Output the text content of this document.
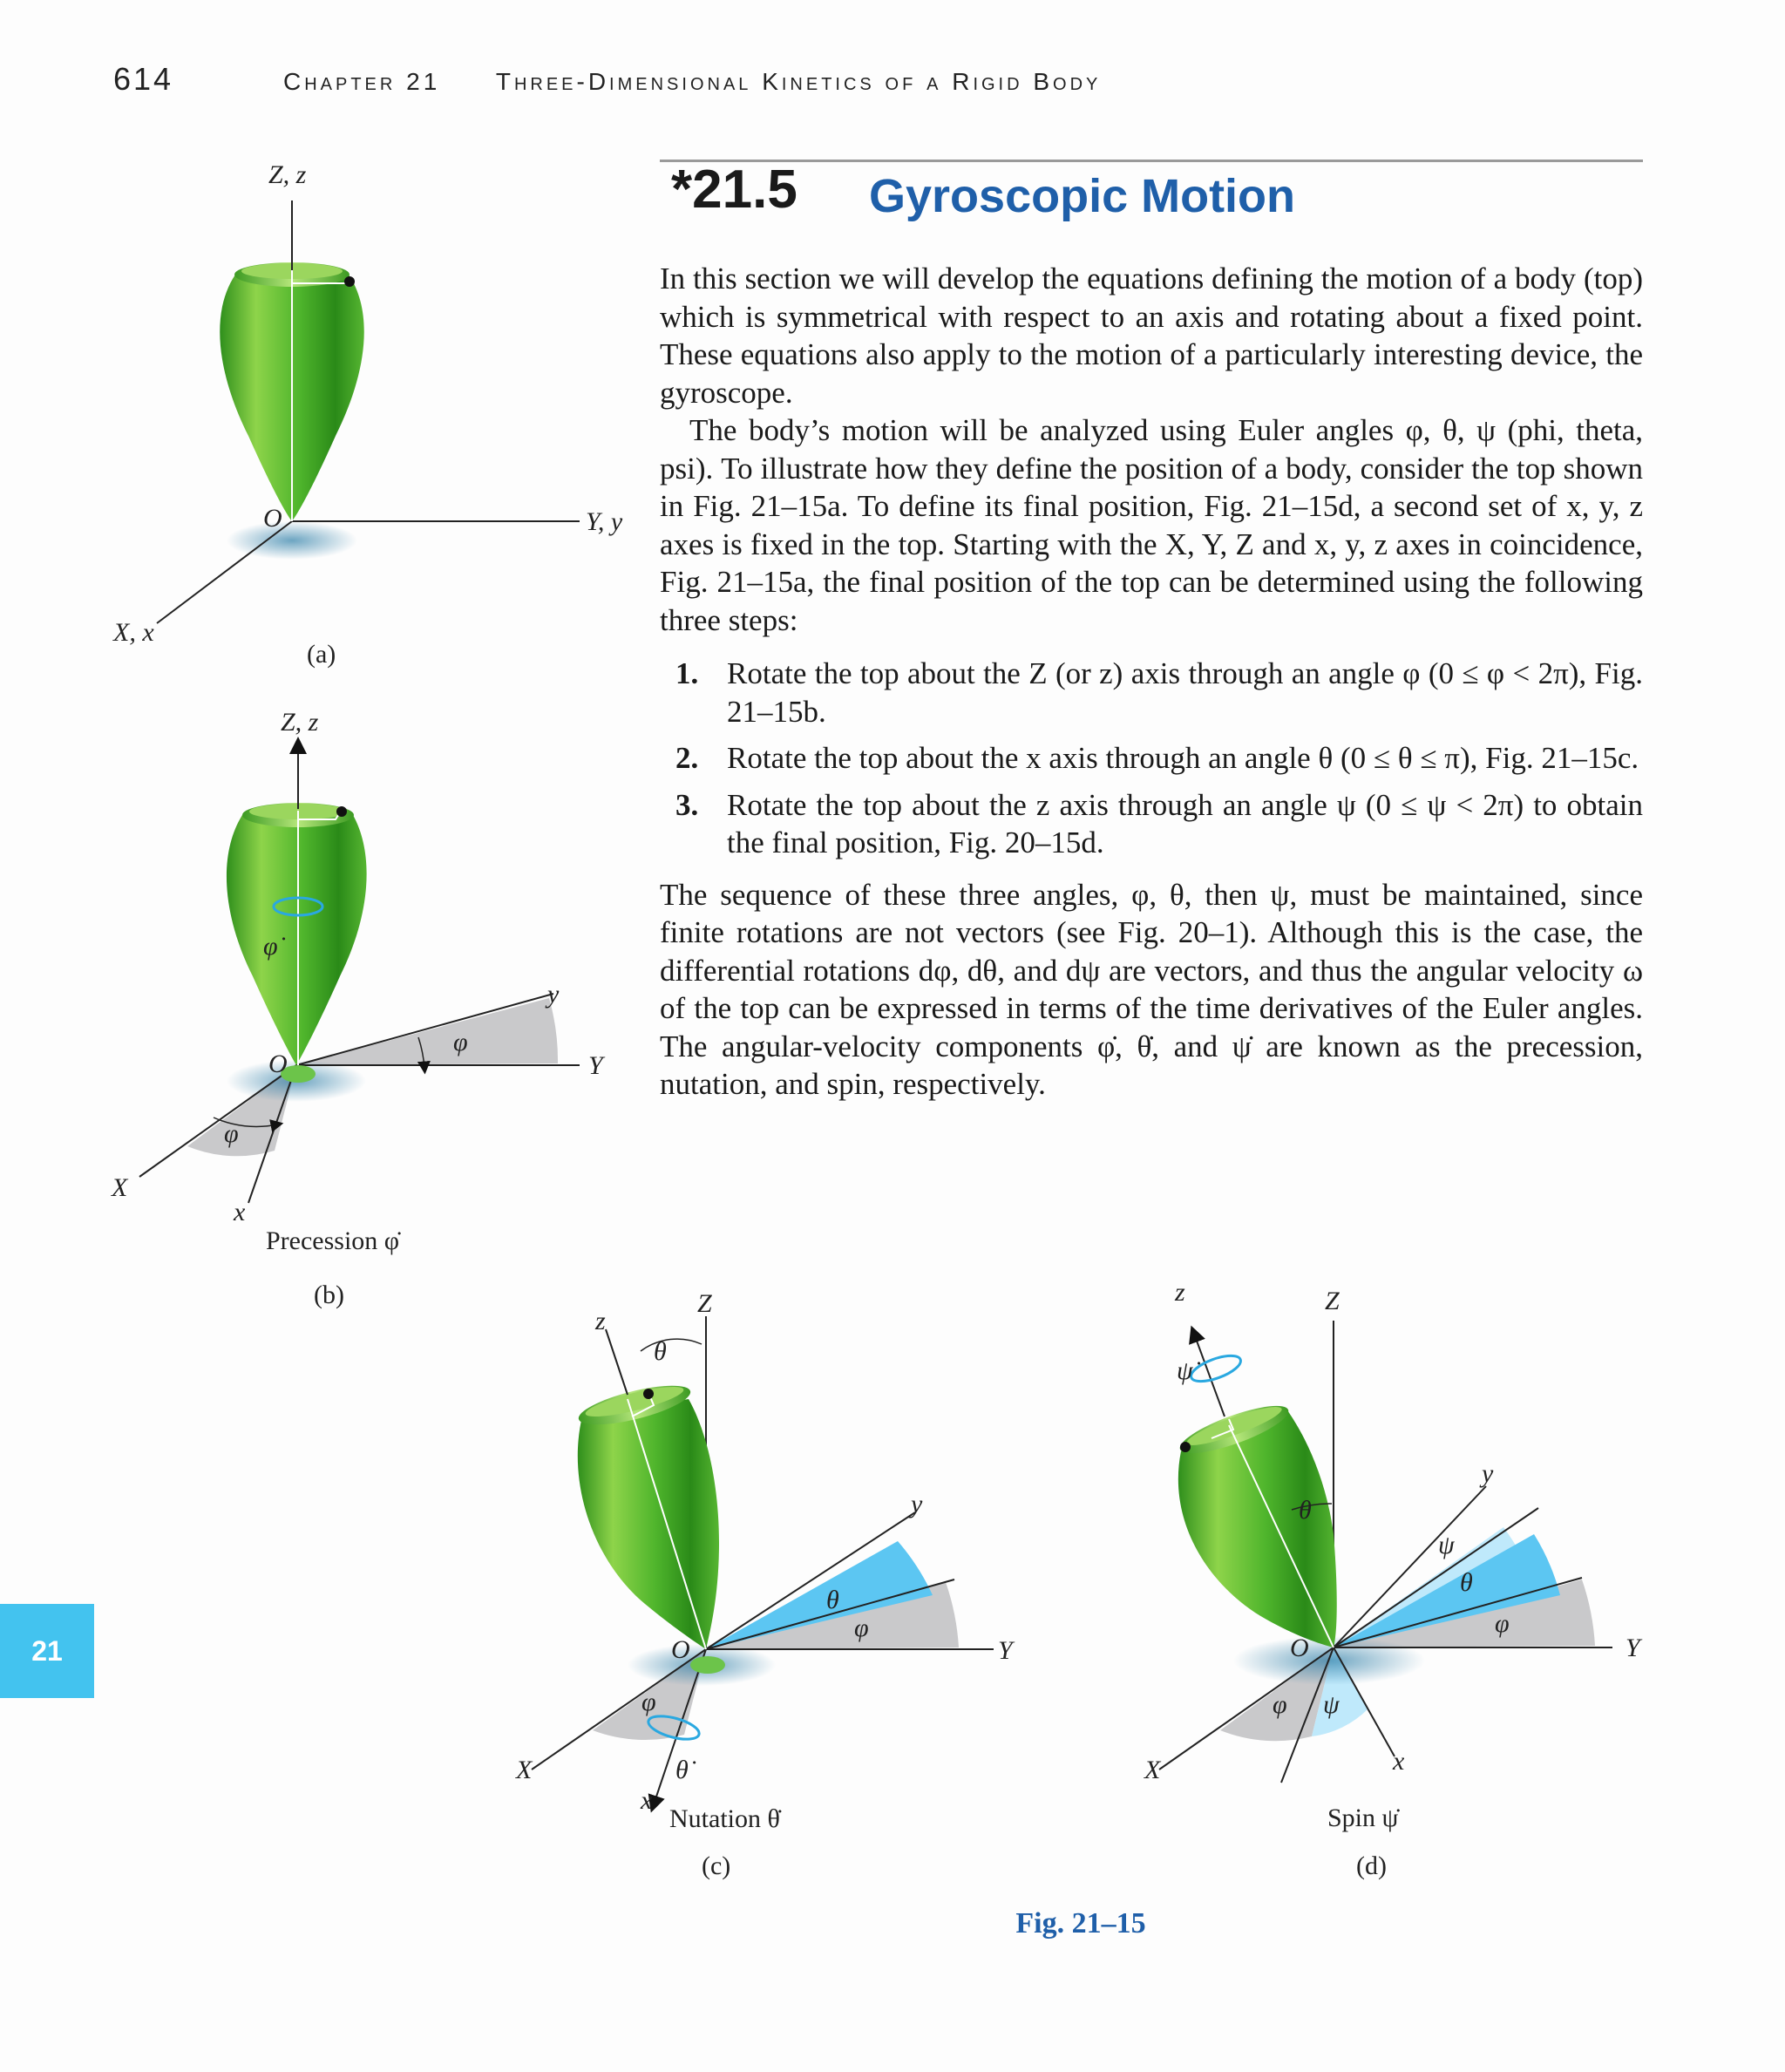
614	Chapter 21 Three-Dimensional Kinetics of a Rigid Body
*21.5 Gyroscopic Motion

In this section we will develop the equations defining the motion of a body (top) which is symmetrical with respect to an axis and rotating about a fixed point. These equations also apply to the motion of a particularly interesting device, the gyroscope.

The body’s motion will be analyzed using Euler angles φ, θ, ψ (phi, theta, psi). To illustrate how they define the position of a body, consider the top shown in Fig. 21–15a. To define its final position, Fig. 21–15d, a second set of x, y, z axes is fixed in the top. Starting with the X, Y, Z and x, y, z axes in coincidence, Fig. 21–15a, the final position of the top can be determined using the following three steps:

1. Rotate the top about the Z (or z) axis through an angle φ (0 ≤ φ < 2π), Fig. 21–15b.
2. Rotate the top about the x axis through an angle θ (0 ≤ θ ≤ π), Fig. 21–15c.
3. Rotate the top about the z axis through an angle ψ (0 ≤ ψ < 2π) to obtain the final position, Fig. 20–15d.

The sequence of these three angles, φ, θ, then ψ, must be maintained, since finite rotations are not vectors (see Fig. 20–1). Although this is the case, the differential rotations dφ, dθ, and dψ are vectors, and thus the angular velocity ω of the top can be expressed in terms of the time derivatives of the Euler angles. The angular-velocity components φ̇, θ̇, and ψ̇ are known as the precession, nutation, and spin, respectively.

21
Z, z
Y, y
X, x
O
(a)
Z, z
Y
y
X
x
O
φ
φ
φ̇
Precession φ̇
(b)	Z
z
Y
y
X
x
O
θ
θ
φ
φ
θ̇
Nutation θ̇
(c)
Z
z
Y
y
X	x
O
θ
θ
ψ
φ
φ ψ
ψ̇
Spin ψ̇
(d)
Fig. 21–15
